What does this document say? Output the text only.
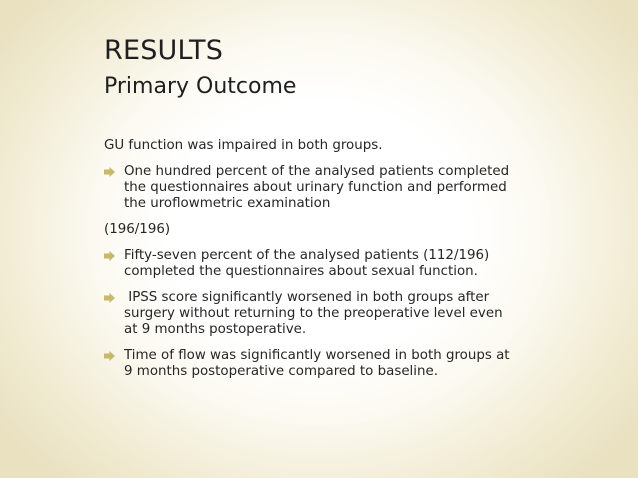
RESULTS
Primary Outcome
GU function was impaired in both groups.
One hundred percent of the analysed patients completed
the questionnaires about urinary function and performed
the uroflowmetric examination
(196/196)
Fifty-seven percent of the analysed patients (112/196)
completed the questionnaires about sexual function.
IPSS score significantly worsened in both groups after
surgery without returning to the preoperative level even
at 9 months postoperative.
Time of flow was significantly worsened in both groups at
9 months postoperative compared to baseline.
